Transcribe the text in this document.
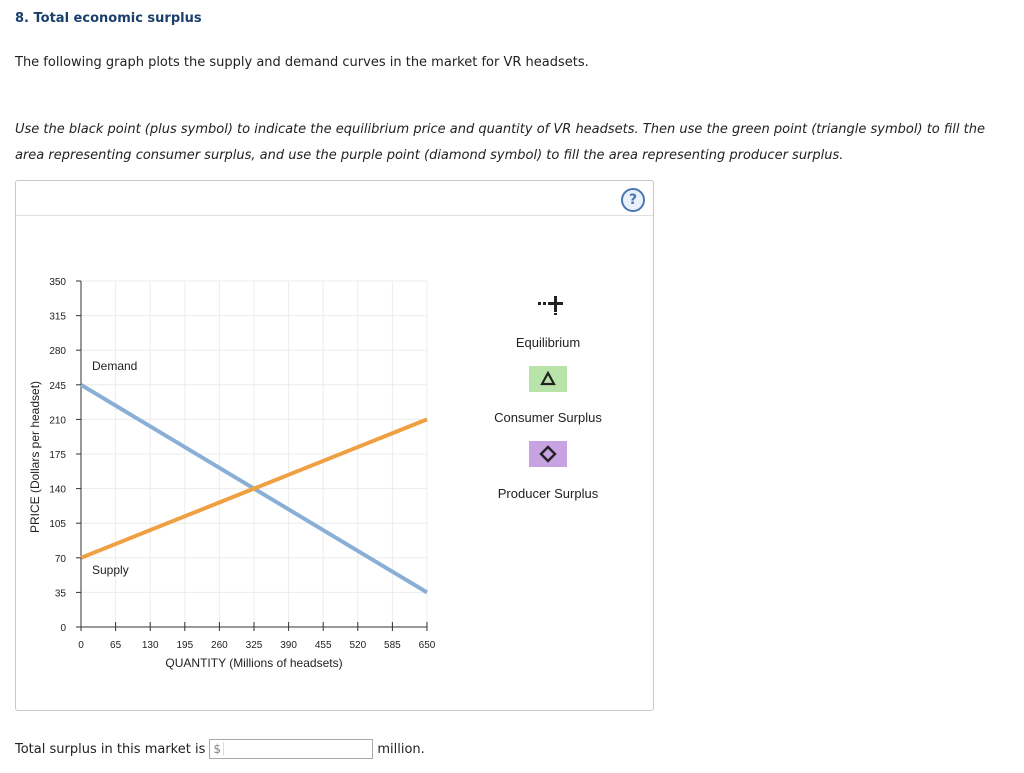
8. Total economic surplus
The following graph plots the supply and demand curves in the market for VR headsets.
Use the black point (plus symbol) to indicate the equilibrium price and quantity of VR headsets. Then use the green point (triangle symbol) to fill the area representing consumer surplus, and use the purple point (diamond symbol) to fill the area representing producer surplus.
?
0	65 130 195 260 325 390 455 520 585 650
0
35
70
105
140
175
210
245
280
315
350
PRICE (Dollars per headset)
QUANTITY (Millions of headsets)
Demand
Supply
Equilibrium
Consumer Surplus
Producer Surplus
Total surplus in this market is $	million.
